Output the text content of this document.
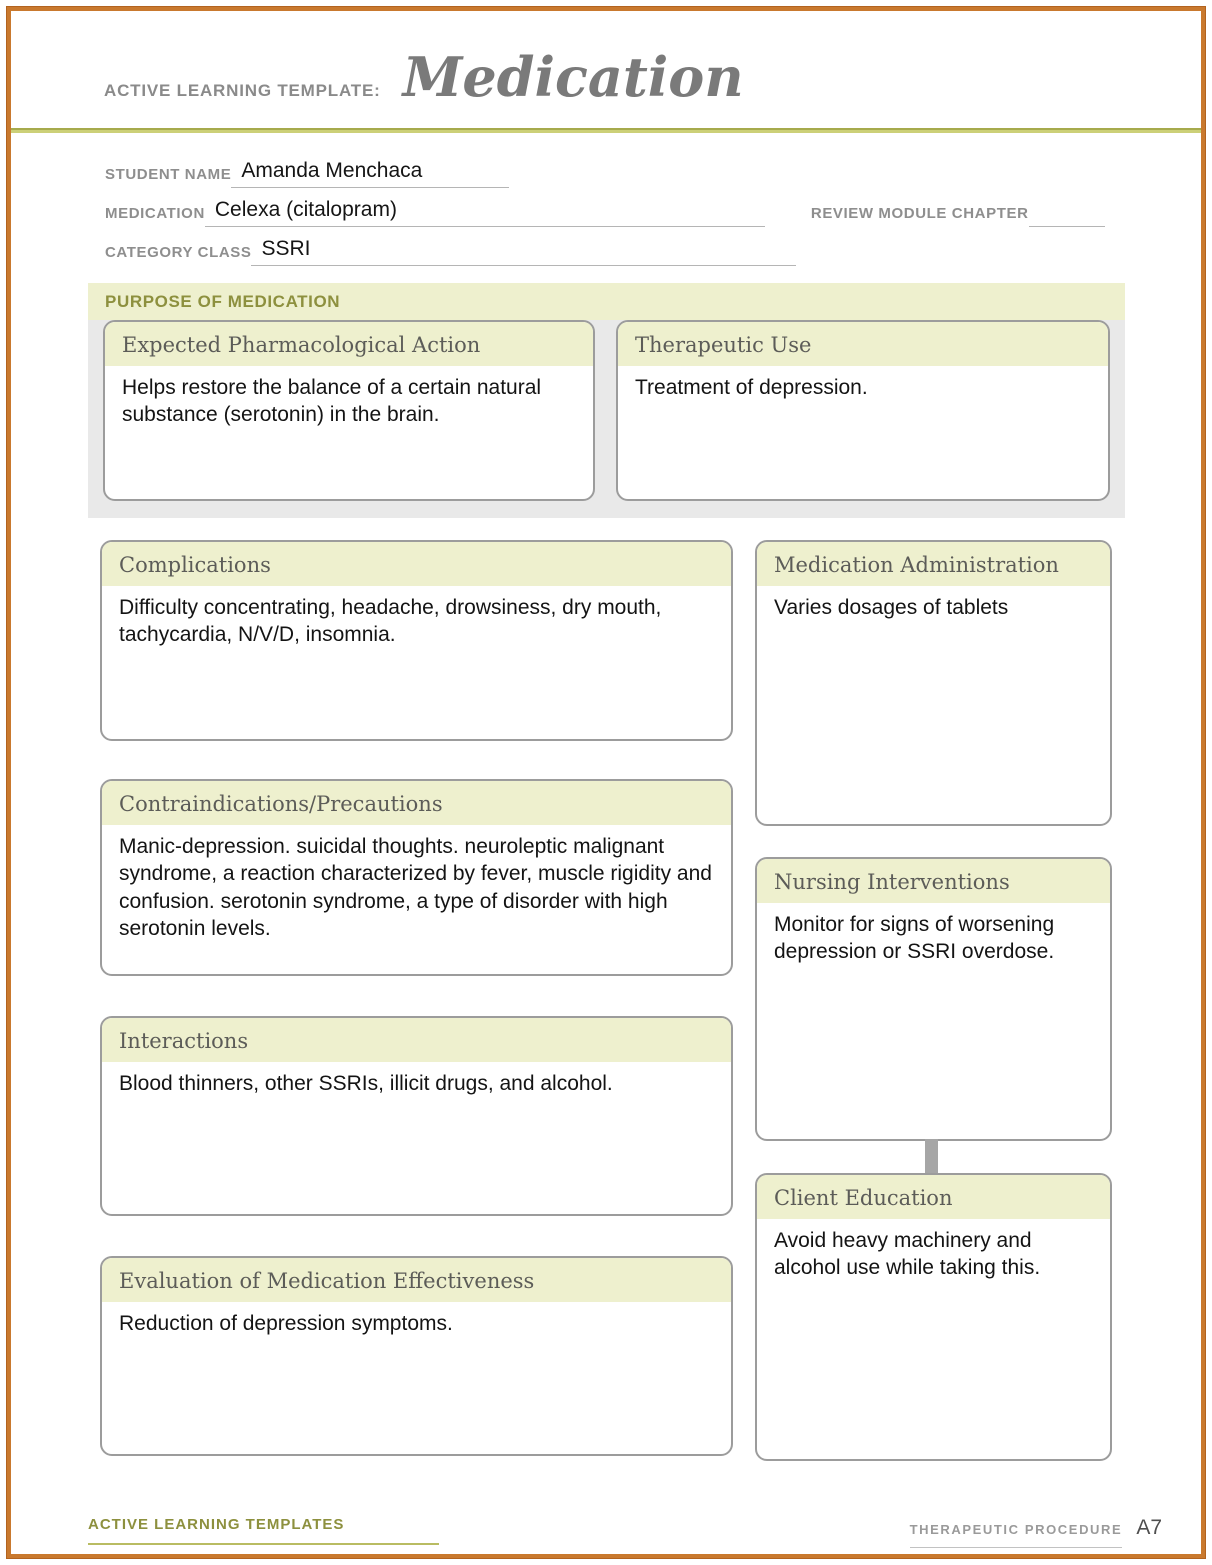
ACTIVE LEARNING TEMPLATE: Medication
STUDENT NAME Amanda Menchaca
MEDICATION Celexa (citalopram)	REVIEW MODULE CHAPTER
CATEGORY CLASS SSRI
PURPOSE OF MEDICATION
Expected Pharmacological Action
Helps restore the balance of a certain natural substance (serotonin) in the brain.
Therapeutic Use
Treatment of depression.
Complications
Difficulty concentrating, headache, drowsiness, dry mouth, tachycardia, N/V/D, insomnia.
Medication Administration
Varies dosages of tablets
Contraindications/Precautions
Manic-depression. suicidal thoughts. neuroleptic malignant syndrome, a reaction characterized by fever, muscle rigidity and confusion. serotonin syndrome, a type of disorder with high serotonin levels.
Nursing Interventions
Monitor for signs of worsening depression or SSRI overdose.
Interactions
Blood thinners, other SSRIs, illicit drugs, and alcohol.
Client Education
Avoid heavy machinery and alcohol use while taking this.
Evaluation of Medication Effectiveness
Reduction of depression symptoms.
ACTIVE LEARNING TEMPLATES	THERAPEUTIC PROCEDURE A7
